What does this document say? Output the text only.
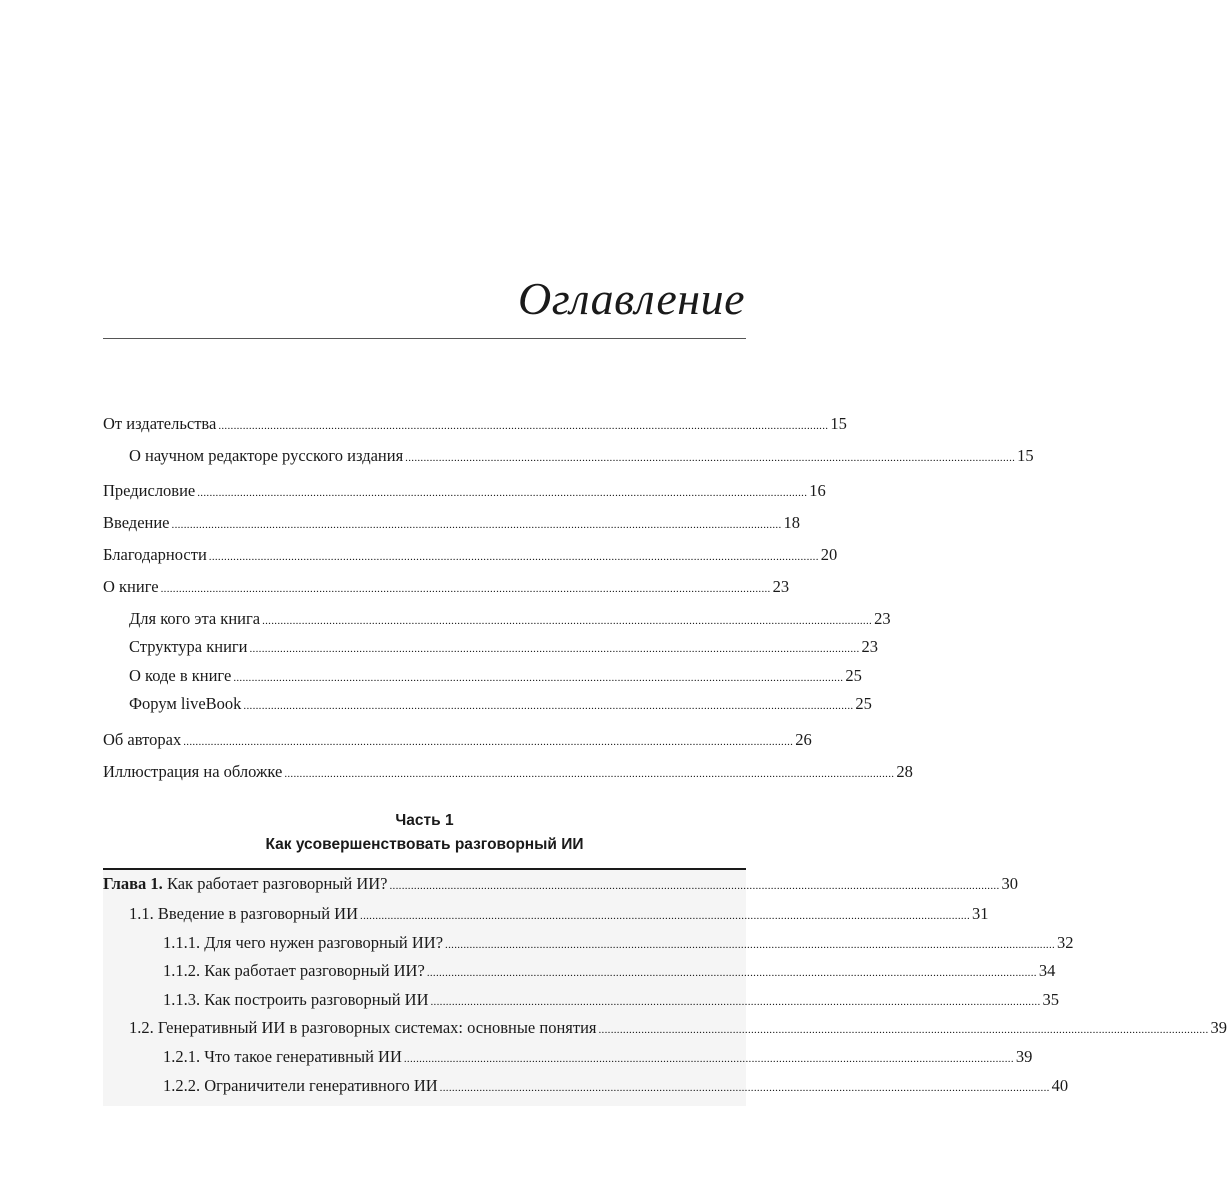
Оглавление
От издательства ........................................................................................................................................................................................................ 15
О научном редакторе русского издания ........................................................................................................................................................................................................ 15
Предисловие ........................................................................................................................................................................................................ 16
Введение ........................................................................................................................................................................................................ 18
Благодарности ........................................................................................................................................................................................................ 20
О книге ........................................................................................................................................................................................................ 23
Для кого эта книга ........................................................................................................................................................................................................ 23
Структура книги ........................................................................................................................................................................................................ 23
О коде в книге ........................................................................................................................................................................................................ 25
Форум liveBook ........................................................................................................................................................................................................ 25
Об авторах ........................................................................................................................................................................................................ 26
Иллюстрация на обложке ........................................................................................................................................................................................................ 28
Часть 1
Как усовершенствовать разговорный ИИ
Глава 1. Как работает разговорный ИИ? ........................................................................................................................................................................................................ 30
1.1. Введение в разговорный ИИ ........................................................................................................................................................................................................ 31
1.1.1. Для чего нужен разговорный ИИ? ........................................................................................................................................................................................................ 32
1.1.2. Как работает разговорный ИИ? ........................................................................................................................................................................................................ 34
1.1.3. Как построить разговорный ИИ ........................................................................................................................................................................................................ 35
1.2. Генеративный ИИ в разговорных системах: основные понятия ........................................................................................................................................................................................................ 39
1.2.1. Что такое генеративный ИИ ........................................................................................................................................................................................................ 39
1.2.2. Ограничители генеративного ИИ ........................................................................................................................................................................................................ 40
